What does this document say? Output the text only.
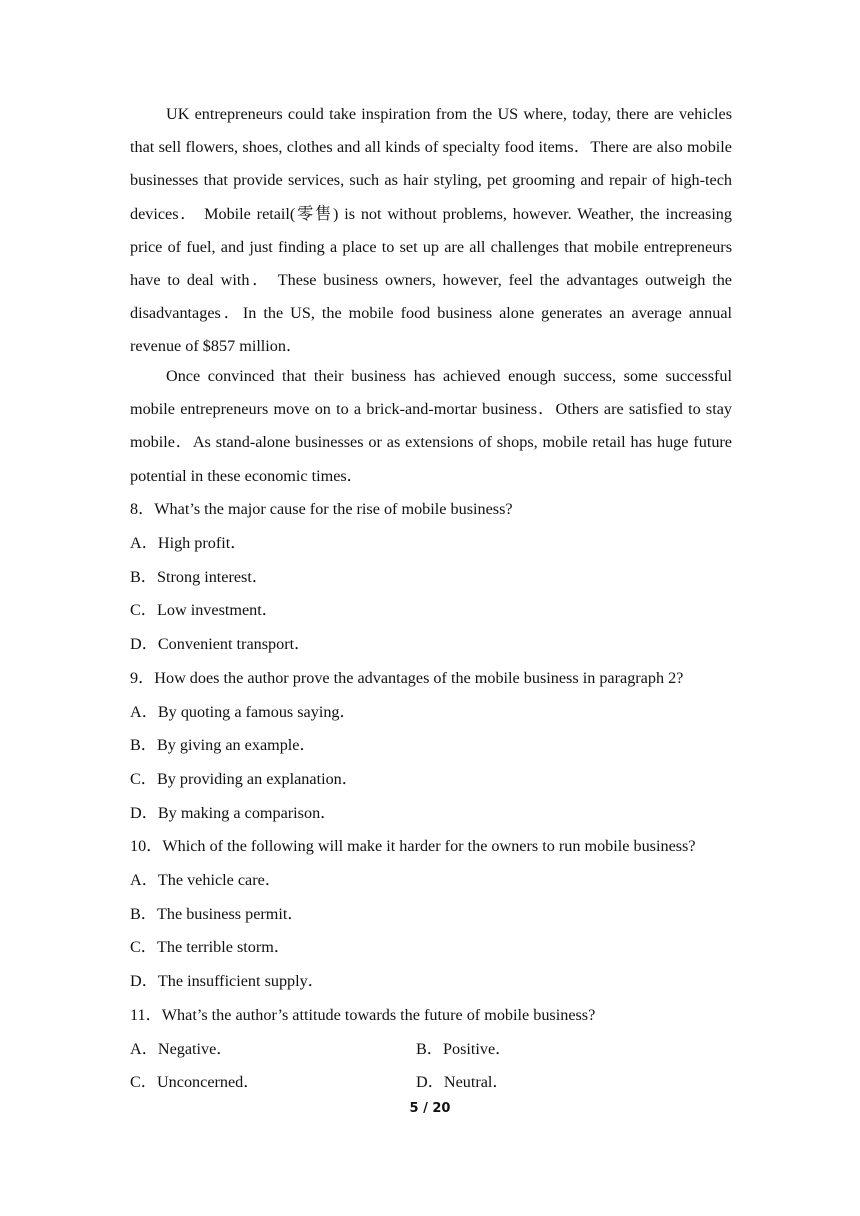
UK entrepreneurs could take inspiration from the US where, today, there are vehicles that sell flowers, shoes, clothes and all kinds of specialty food items．There are also mobile businesses that provide services, such as hair styling, pet grooming and repair of high-tech devices． Mobile retail(零售) is not without problems, however. Weather, the increasing price of fuel, and just finding a place to set up are all challenges that mobile entrepreneurs have to deal with． These business owners, however, feel the advantages outweigh the disadvantages．In the US, the mobile food business alone generates an average annual revenue of $857 million．

Once convinced that their business has achieved enough success, some successful mobile entrepreneurs move on to a brick-and-mortar business．Others are satisfied to stay mobile．As stand-alone businesses or as extensions of shops, mobile retail has huge future potential in these economic times．

8．What’s the major cause for the rise of mobile business?

A．High profit．

B．Strong interest．

C．Low investment．

D．Convenient transport．

9．How does the author prove the advantages of the mobile business in paragraph 2?

A．By quoting a famous saying．

B．By giving an example．

C．By providing an explanation．

D．By making a comparison．

10．Which of the following will make it harder for the owners to run mobile business?

A．The vehicle care．

B．The business permit．

C．The terrible storm．

D．The insufficient supply．

11．What’s the author’s attitude towards the future of mobile business?

A．Negative．	B．Positive．

C．Unconcerned．	D．Neutral．

5 / 20
